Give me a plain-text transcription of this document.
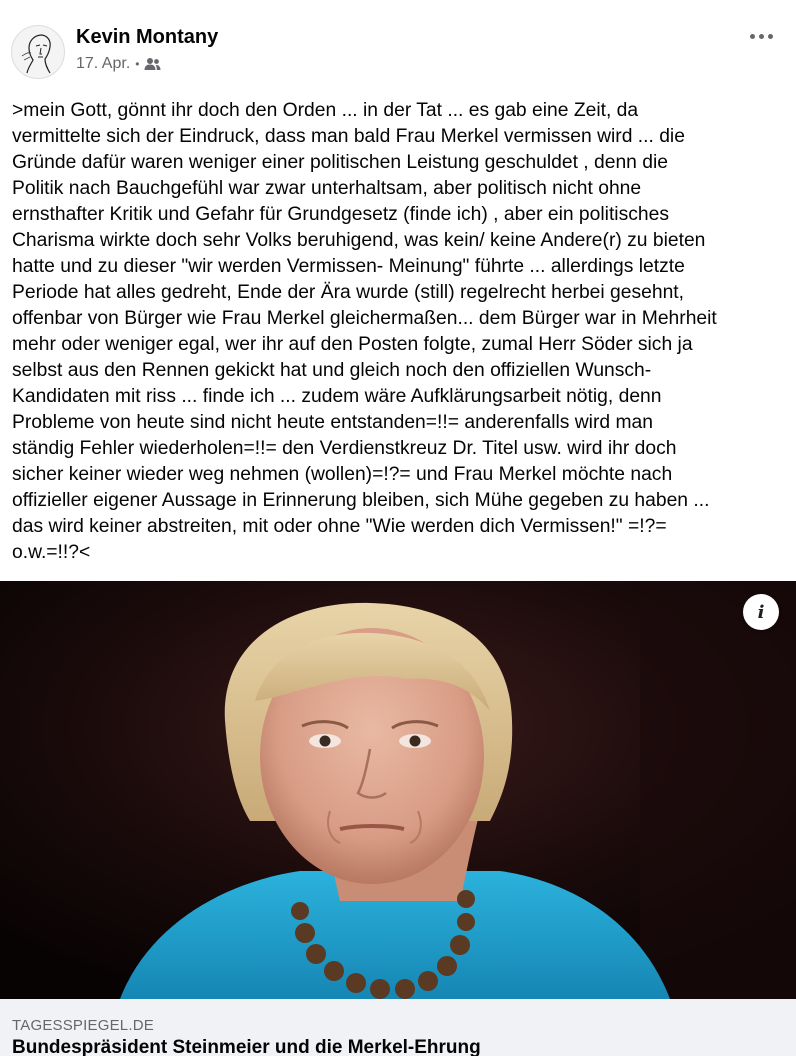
Kevin Montany
17. Apr. •
>mein Gott, gönnt ihr doch den Orden ... in der Tat ... es gab eine Zeit, da
vermittelte sich der Eindruck, dass man bald Frau Merkel vermissen wird ... die
Gründe dafür waren weniger einer politischen Leistung geschuldet , denn die
Politik nach Bauchgefühl war zwar unterhaltsam, aber politisch nicht ohne
ernsthafter Kritik und Gefahr für Grundgesetz (finde ich) , aber ein politisches
Charisma wirkte doch sehr Volks beruhigend, was kein/ keine Andere(r) zu bieten
hatte und zu dieser "wir werden Vermissen- Meinung" führte ... allerdings letzte
Periode hat alles gedreht, Ende der Ära wurde (still) regelrecht herbei gesehnt,
offenbar von Bürger wie Frau Merkel gleichermaßen... dem Bürger war in Mehrheit
mehr oder weniger egal, wer ihr auf den Posten folgte, zumal Herr Söder sich ja
selbst aus den Rennen gekickt hat und gleich noch den offiziellen Wunsch-
Kandidaten mit riss ... finde ich ... zudem wäre Aufklärungsarbeit nötig, denn
Probleme von heute sind nicht heute entstanden=!!= anderenfalls wird man
ständig Fehler wiederholen=!!= den Verdienstkreuz Dr. Titel usw. wird ihr doch
sicher keiner wieder weg nehmen (wollen)=!?= und Frau Merkel möchte nach
offizieller eigener Aussage in Erinnerung bleiben, sich Mühe gegeben zu haben ...
das wird keiner abstreiten, mit oder ohne "Wie werden dich Vermissen!" =!?=
o.w.=!!?<
i
TAGESSPIEGEL.DE
Bundespräsident Steinmeier und die Merkel-Ehrung
